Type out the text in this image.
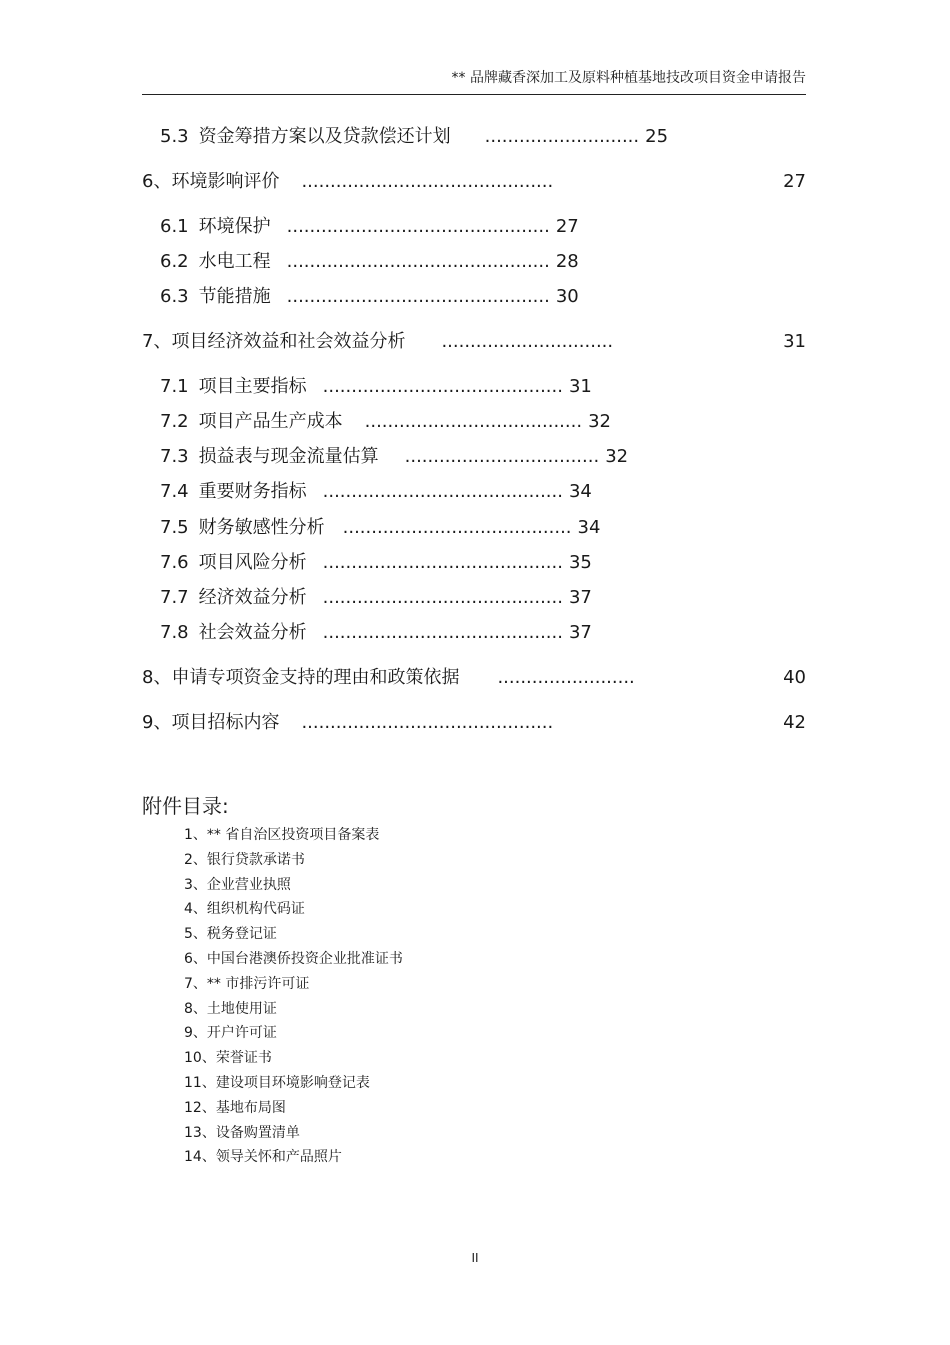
** 品牌藏香深加工及原料种植基地技改项目资金申请报告
5.3 资金筹措方案以及贷款偿还计划 ........................... 25
6、环境影响评价 ............................................	27
6.1 环境保护 .............................................. 27
6.2 水电工程 .............................................. 28
6.3 节能措施 .............................................. 30
7、项目经济效益和社会效益分析 ..............................	31
7.1 项目主要指标 .......................................... 31
7.2 项目产品生产成本 ...................................... 32
7.3 损益表与现金流量估算 .................................. 32
7.4 重要财务指标 .......................................... 34
7.5 财务敏感性分析 ........................................ 34
7.6 项目风险分析 .......................................... 35
7.7 经济效益分析 .......................................... 37
7.8 社会效益分析 .......................................... 37
8、申请专项资金支持的理由和政策依据 ........................	40
9、项目招标内容 ............................................	42
附件目录:
1、** 省自治区投资项目备案表
2、银行贷款承诺书
3、企业营业执照
4、组织机构代码证
5、税务登记证
6、中国台港澳侨投资企业批准证书
7、** 市排污许可证
8、土地使用证
9、开户许可证
10、荣誉证书
11、建设项目环境影响登记表
12、基地布局图
13、设备购置清单
14、领导关怀和产品照片
II
